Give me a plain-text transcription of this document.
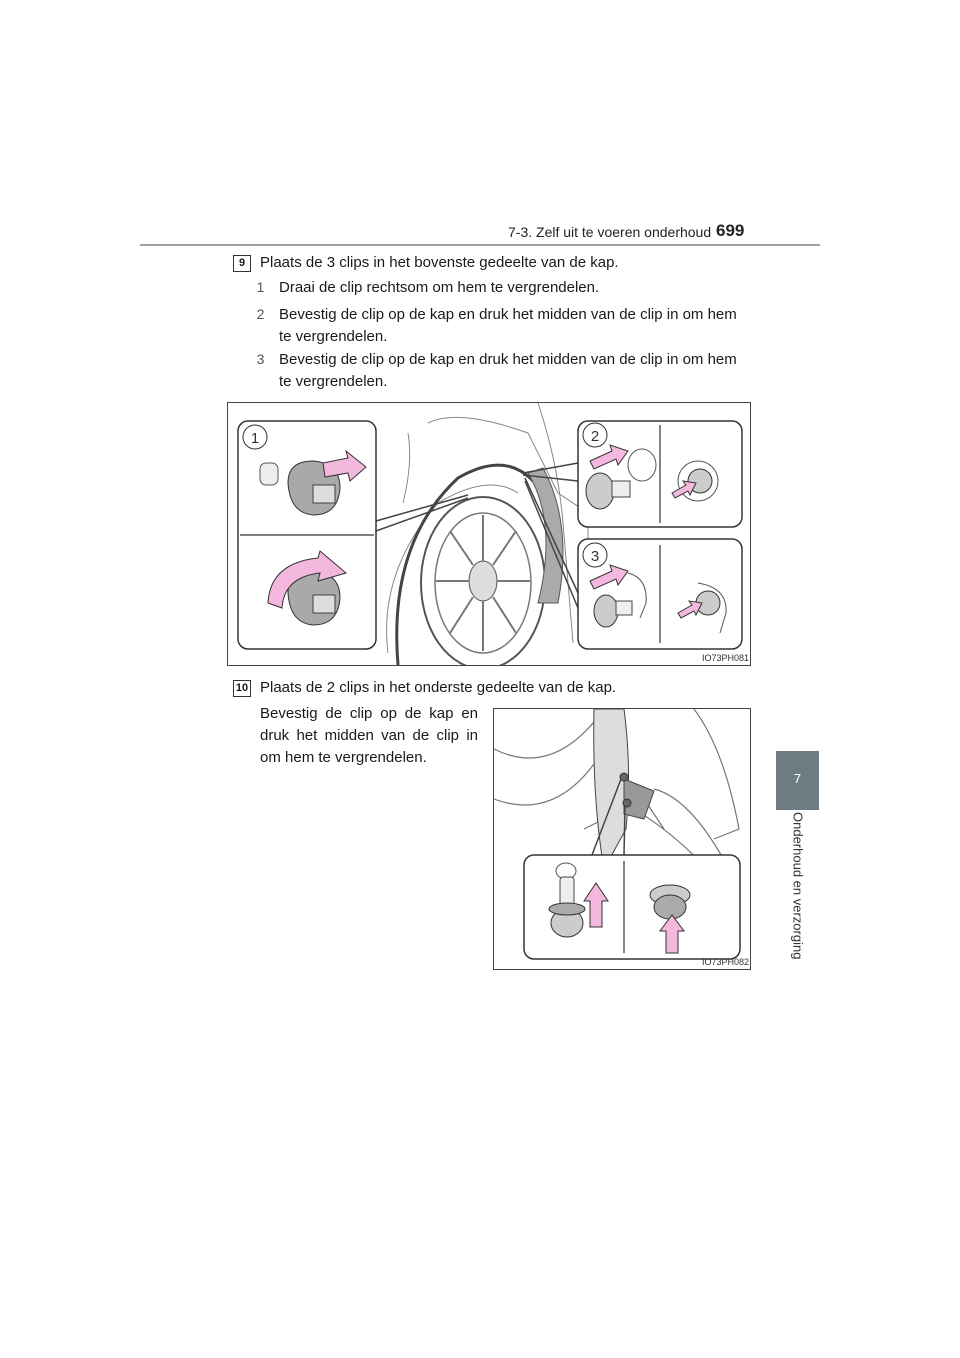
7-3. Zelf uit te voeren onderhoud 699
7
Onderhoud en verzorging
9 Plaats de 3 clips in het bovenste gedeelte van de kap.
1 Draai de clip rechtsom om hem te vergrendelen.
2 Bevestig de clip op de kap en druk het midden van de clip in om hem
te vergrendelen.
3 Bevestig de clip op de kap en druk het midden van de clip in om hem
te vergrendelen.
1	2
3
IO73PH081
10 Plaats de 2 clips in het onderste gedeelte van de kap.
Bevestig de clip op de kap en
druk het midden van de clip in
om hem te vergrendelen.
IO73PH082
